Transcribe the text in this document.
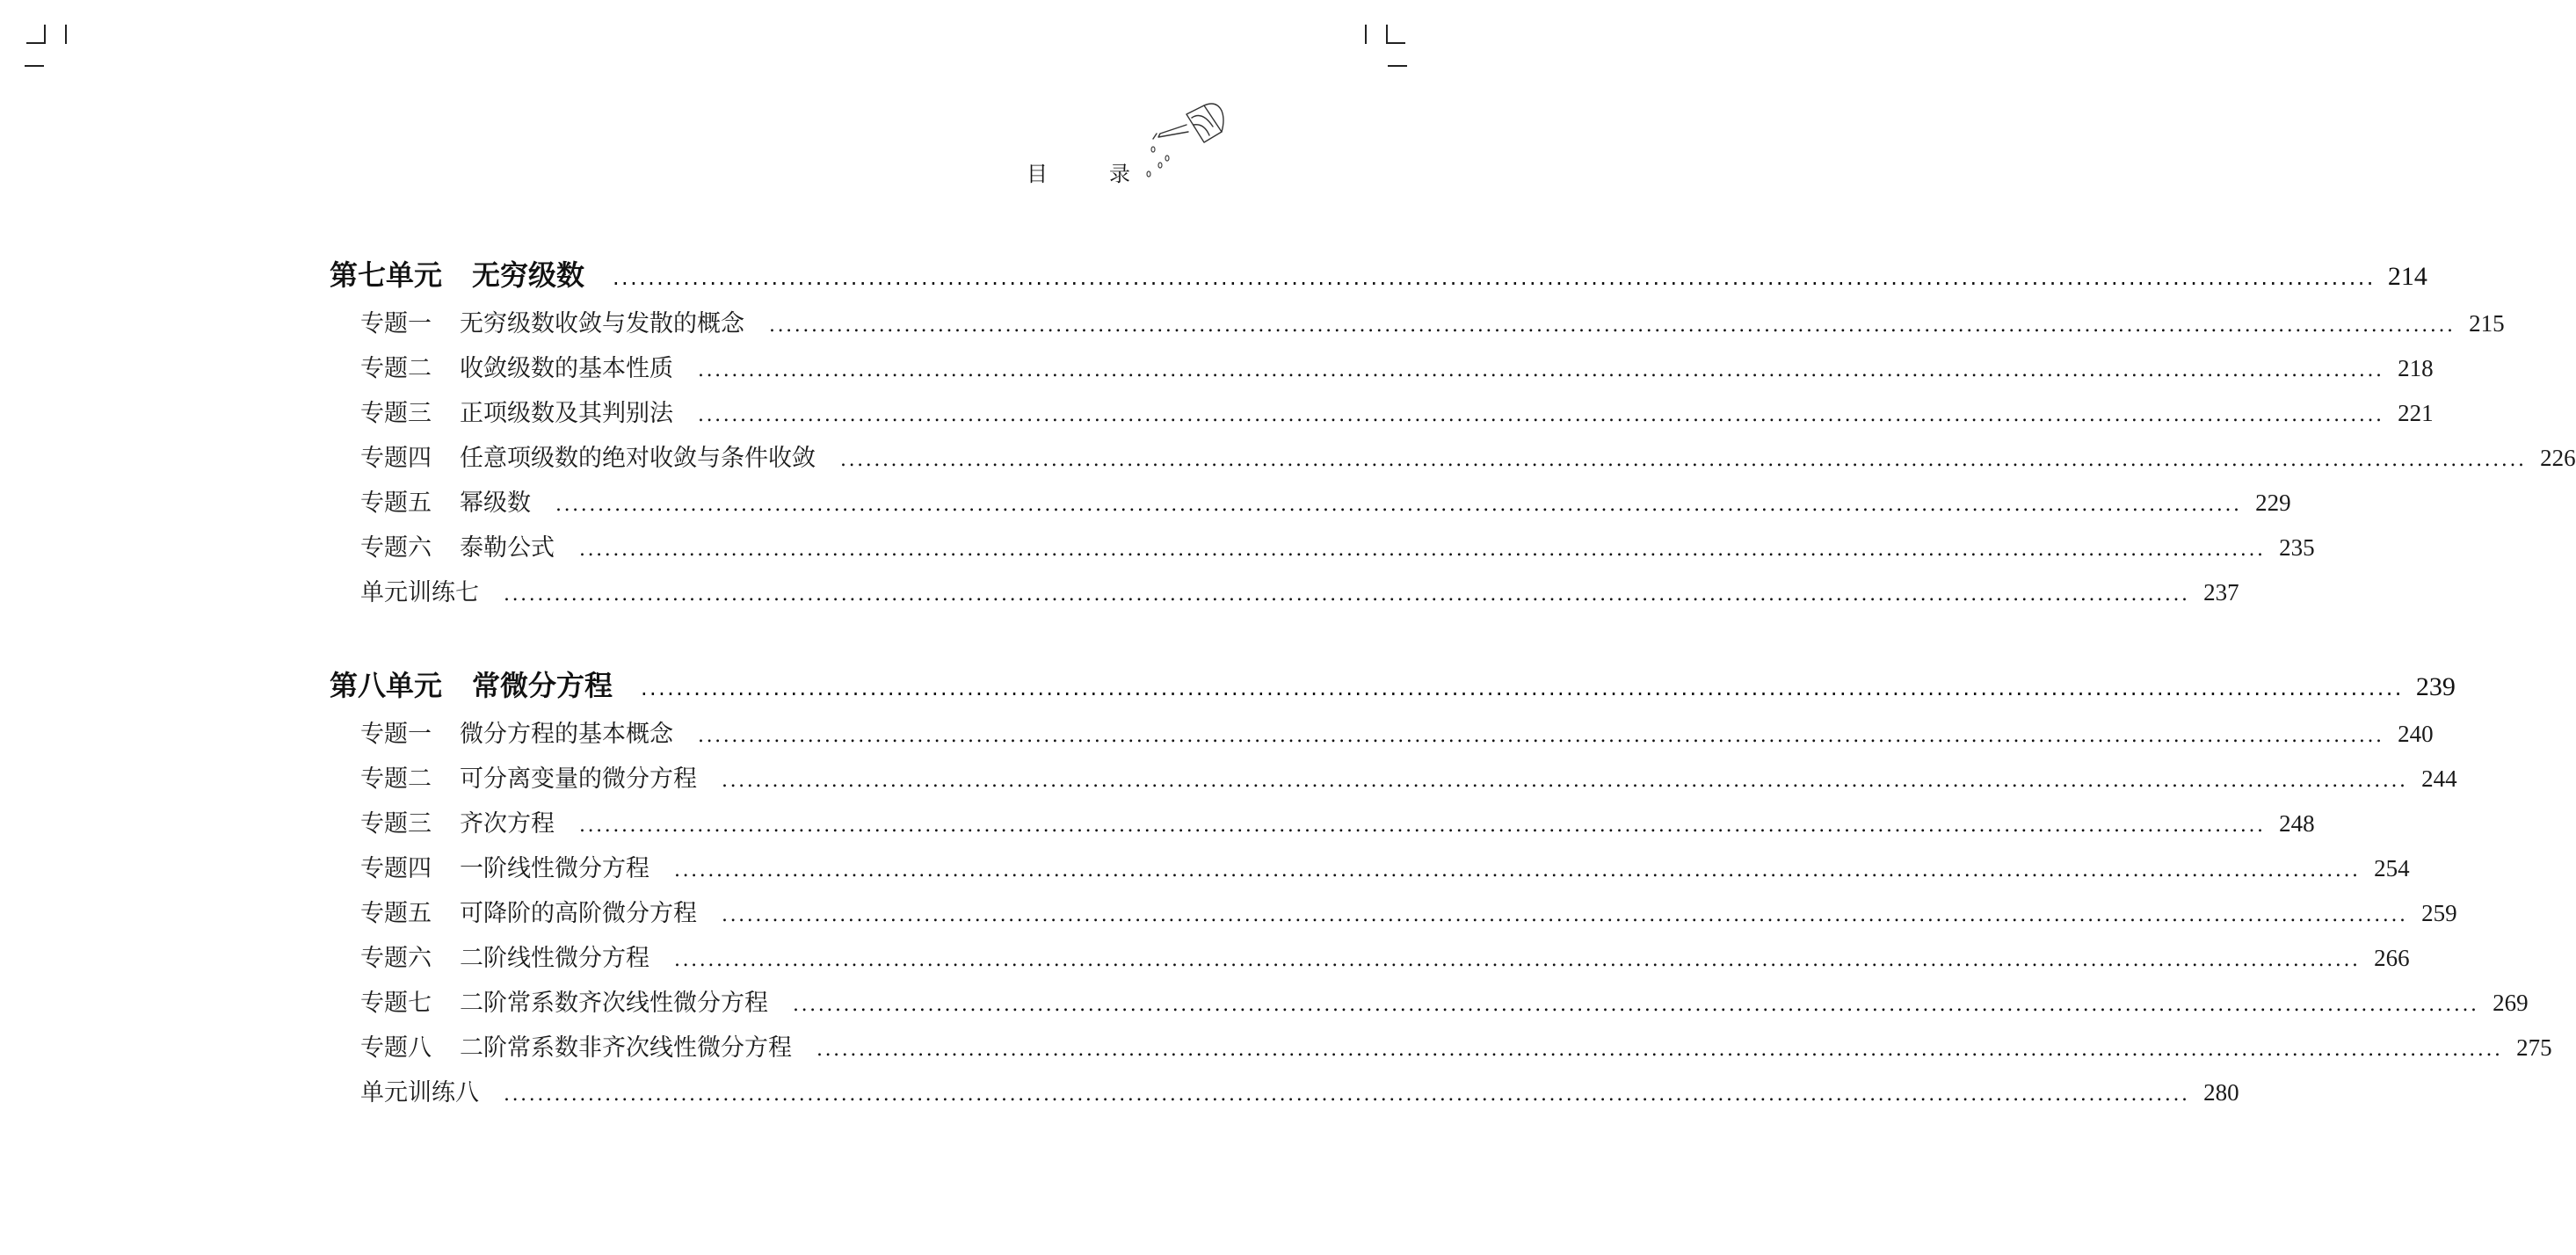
目	录
第七单元 无穷级数 ........................................................................................................................................................................................................ 214
专题一 无穷级数收敛与发散的概念 ........................................................................................................................................................................................................ 215
专题二 收敛级数的基本性质 ........................................................................................................................................................................................................ 218
专题三 正项级数及其判别法 ........................................................................................................................................................................................................ 221
专题四 任意项级数的绝对收敛与条件收敛 ........................................................................................................................................................................................................ 226
专题五 幂级数 ........................................................................................................................................................................................................ 229
专题六 泰勒公式 ........................................................................................................................................................................................................ 235
单元训练七 ........................................................................................................................................................................................................ 237
第八单元 常微分方程 ........................................................................................................................................................................................................ 239
专题一 微分方程的基本概念 ........................................................................................................................................................................................................ 240
专题二 可分离变量的微分方程 ........................................................................................................................................................................................................ 244
专题三 齐次方程 ........................................................................................................................................................................................................ 248
专题四 一阶线性微分方程 ........................................................................................................................................................................................................ 254
专题五 可降阶的高阶微分方程 ........................................................................................................................................................................................................ 259
专题六 二阶线性微分方程 ........................................................................................................................................................................................................ 266
专题七 二阶常系数齐次线性微分方程 ........................................................................................................................................................................................................ 269
专题八 二阶常系数非齐次线性微分方程 ........................................................................................................................................................................................................ 275
单元训练八 ........................................................................................................................................................................................................ 280
